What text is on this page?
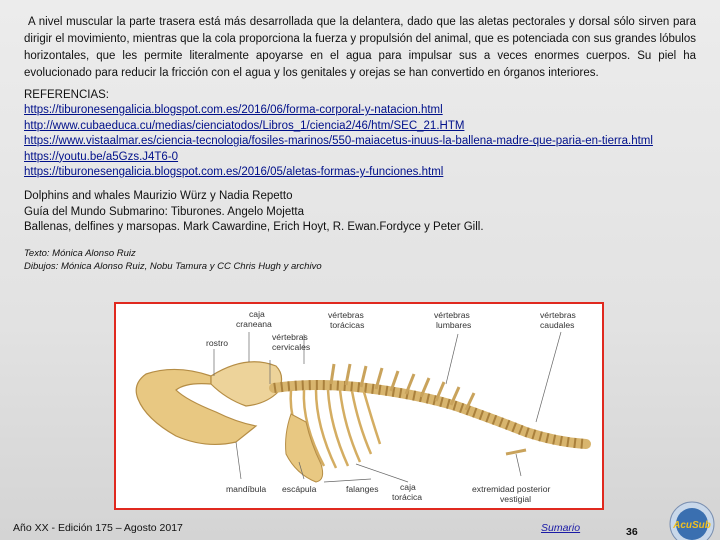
A nivel muscular la parte trasera está más desarrollada que la delantera, dado que las aletas pectorales y dorsal sólo sirven para dirigir el movimiento, mientras que la cola proporciona la fuerza y propulsión del animal, que es potenciada con sus grandes lóbulos horizontales, que les permite literalmente apoyarse en el agua para impulsar sus a veces enormes cuerpos. Su piel ha evolucionado para reducir la fricción con el agua y los genitales y orejas se han convertido en órganos interiores.

REFERENCIAS:
https://tiburonesengalicia.blogspot.com.es/2016/06/forma-corporal-y-natacion.html
http://www.cubaeduca.cu/medias/cienciatodos/Libros_1/ciencia2/46/htm/SEC_21.HTM
https://www.vistaalmar.es/ciencia-tecnologia/fosiles-marinos/550-maiacetus-inuus-la-ballena-madre-que-paria-en-tierra.html
https://youtu.be/a5Gzs.J4T6-0
https://tiburonesengalicia.blogspot.com.es/2016/05/aletas-formas-y-funciones.html
Dolphins and whales Maurizio Würz y Nadia Repetto
Guía del Mundo Submarino: Tiburones. Angelo Mojetta
Ballenas, delfines y marsopas. Mark Cawardine, Erich Hoyt, R. Ewan.Fordyce y Peter Gill.
Texto: Mónica Alonso Ruiz
Dibujos: Mónica Alonso Ruiz, Nobu Tamura y CC Chris Hugh y archivo
caja
craneana
rostro
vértebras
torácicas
vértebras
lumbares
vértebras
caudales
vértebras
cervicales
mandíbula escápula	falanges	caja
torácica
extremidad posterior
vestigial
Año XX - Edición 175 – Agosto 2017	Sumario	36
AcuSub
